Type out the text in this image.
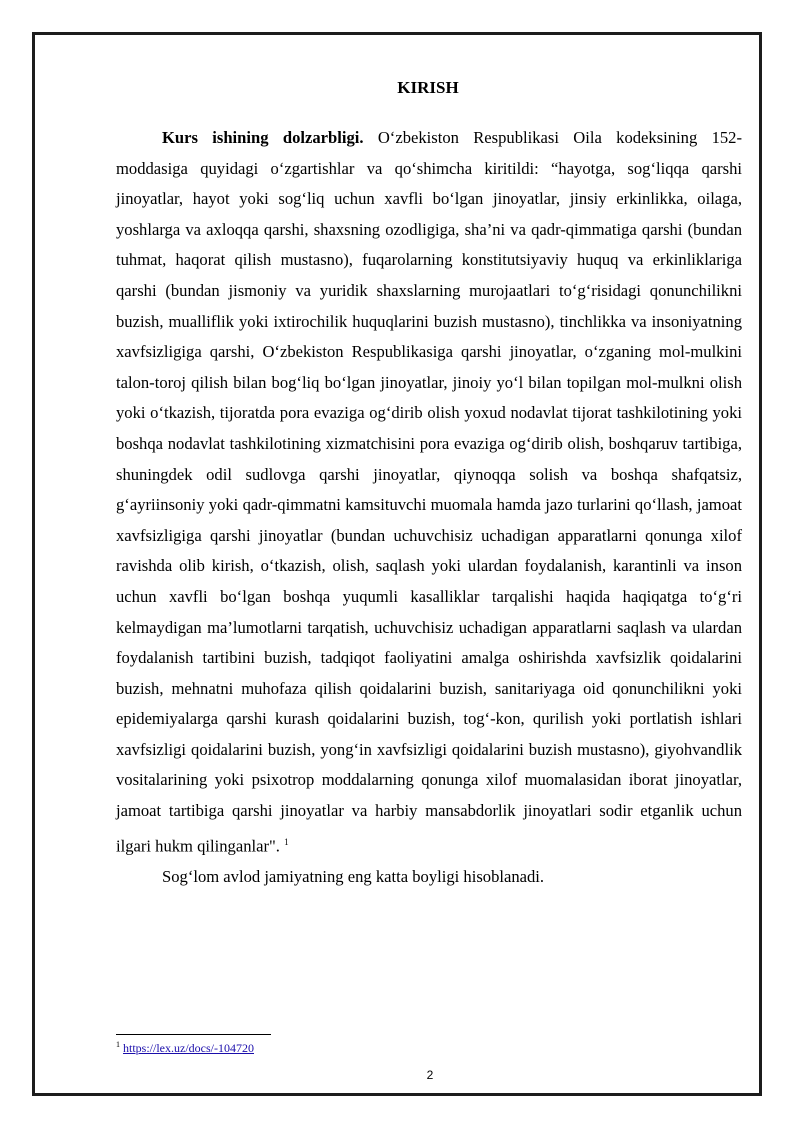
KIRISH

Kurs ishining dolzarbligi. O‘zbekiston Respublikasi Oila kodeksining 152-moddasiga quyidagi o‘zgartishlar va qo‘shimcha kiritildi: “hayotga, sog‘liqqa qarshi jinoyatlar, hayot yoki sog‘liq uchun xavfli bo‘lgan jinoyatlar, jinsiy erkinlikka, oilaga, yoshlarga va axloqqa qarshi, shaxsning ozodligiga, sha’ni va qadr-qimmatiga qarshi (bundan tuhmat, haqorat qilish mustasno), fuqarolarning konstitutsiyaviy huquq va erkinliklariga qarshi (bundan jismoniy va yuridik shaxslarning murojaatlari to‘g‘risidagi qonunchilikni buzish, mualliflik yoki ixtirochilik huquqlarini buzish mustasno), tinchlikka va insoniyatning xavfsizligiga qarshi, O‘zbekiston Respublikasiga qarshi jinoyatlar, o‘zganing mol-mulkini talon-toroj qilish bilan bog‘liq bo‘lgan jinoyatlar, jinoiy yo‘l bilan topilgan mol-mulkni olish yoki o‘tkazish, tijoratda pora evaziga og‘dirib olish yoxud nodavlat tijorat tashkilotining yoki boshqa nodavlat tashkilotining xizmatchisini pora evaziga og‘dirib olish, boshqaruv tartibiga, shuningdek odil sudlovga qarshi jinoyatlar, qiynoqqa solish va boshqa shafqatsiz, g‘ayriinsoniy yoki qadr-qimmatni kamsituvchi muomala hamda jazo turlarini qo‘llash, jamoat xavfsizligiga qarshi jinoyatlar (bundan uchuvchisiz uchadigan apparatlarni qonunga xilof ravishda olib kirish, o‘tkazish, olish, saqlash yoki ulardan foydalanish, karantinli va inson uchun xavfli bo‘lgan boshqa yuqumli kasalliklar tarqalishi haqida haqiqatga to‘g‘ri kelmaydigan ma’lumotlarni tarqatish, uchuvchisiz uchadigan apparatlarni saqlash va ulardan foydalanish tartibini buzish, tadqiqot faoliyatini amalga oshirishda xavfsizlik qoidalarini buzish, mehnatni muhofaza qilish qoidalarini buzish, sanitariyaga oid qonunchilikni yoki epidemiyalarga qarshi kurash qoidalarini buzish, tog‘-kon, qurilish yoki portlatish ishlari xavfsizligi qoidalarini buzish, yong‘in xavfsizligi qoidalarini buzish mustasno), giyohvandlik vositalarining yoki psixotrop moddalarning qonunga xilof muomalasidan iborat jinoyatlar, jamoat tartibiga qarshi jinoyatlar va harbiy mansabdorlik jinoyatlari sodir etganlik uchun ilgari hukm qilinganlar". $^1$

Sog‘lom avlod jamiyatning eng katta boyligi hisoblanadi.

$^1$ https://lex.uz/docs/-104720
2
